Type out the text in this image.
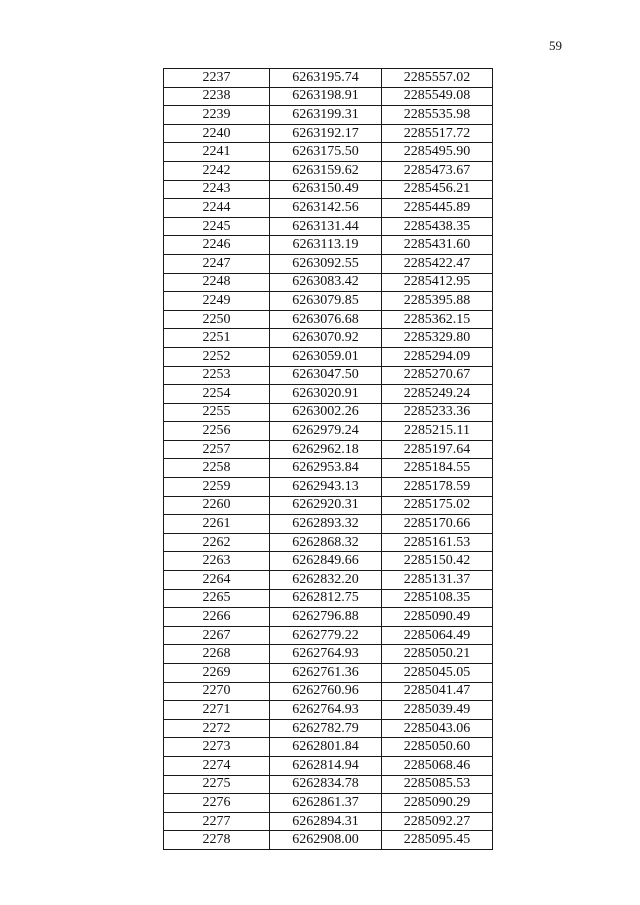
59
2237	6263195.74	2285557.02
2238	6263198.91	2285549.08
2239	6263199.31	2285535.98
2240	6263192.17	2285517.72
2241	6263175.50	2285495.90
2242	6263159.62	2285473.67
2243	6263150.49	2285456.21
2244	6263142.56	2285445.89
2245	6263131.44	2285438.35
2246	6263113.19	2285431.60
2247	6263092.55	2285422.47
2248	6263083.42	2285412.95
2249	6263079.85	2285395.88
2250	6263076.68	2285362.15
2251	6263070.92	2285329.80
2252	6263059.01	2285294.09
2253	6263047.50	2285270.67
2254	6263020.91	2285249.24
2255	6263002.26	2285233.36
2256	6262979.24	2285215.11
2257	6262962.18	2285197.64
2258	6262953.84	2285184.55
2259	6262943.13	2285178.59
2260	6262920.31	2285175.02
2261	6262893.32	2285170.66
2262	6262868.32	2285161.53
2263	6262849.66	2285150.42
2264	6262832.20	2285131.37
2265	6262812.75	2285108.35
2266	6262796.88	2285090.49
2267	6262779.22	2285064.49
2268	6262764.93	2285050.21
2269	6262761.36	2285045.05
2270	6262760.96	2285041.47
2271	6262764.93	2285039.49
2272	6262782.79	2285043.06
2273	6262801.84	2285050.60
2274	6262814.94	2285068.46
2275	6262834.78	2285085.53
2276	6262861.37	2285090.29
2277	6262894.31	2285092.27
2278	6262908.00	2285095.45
